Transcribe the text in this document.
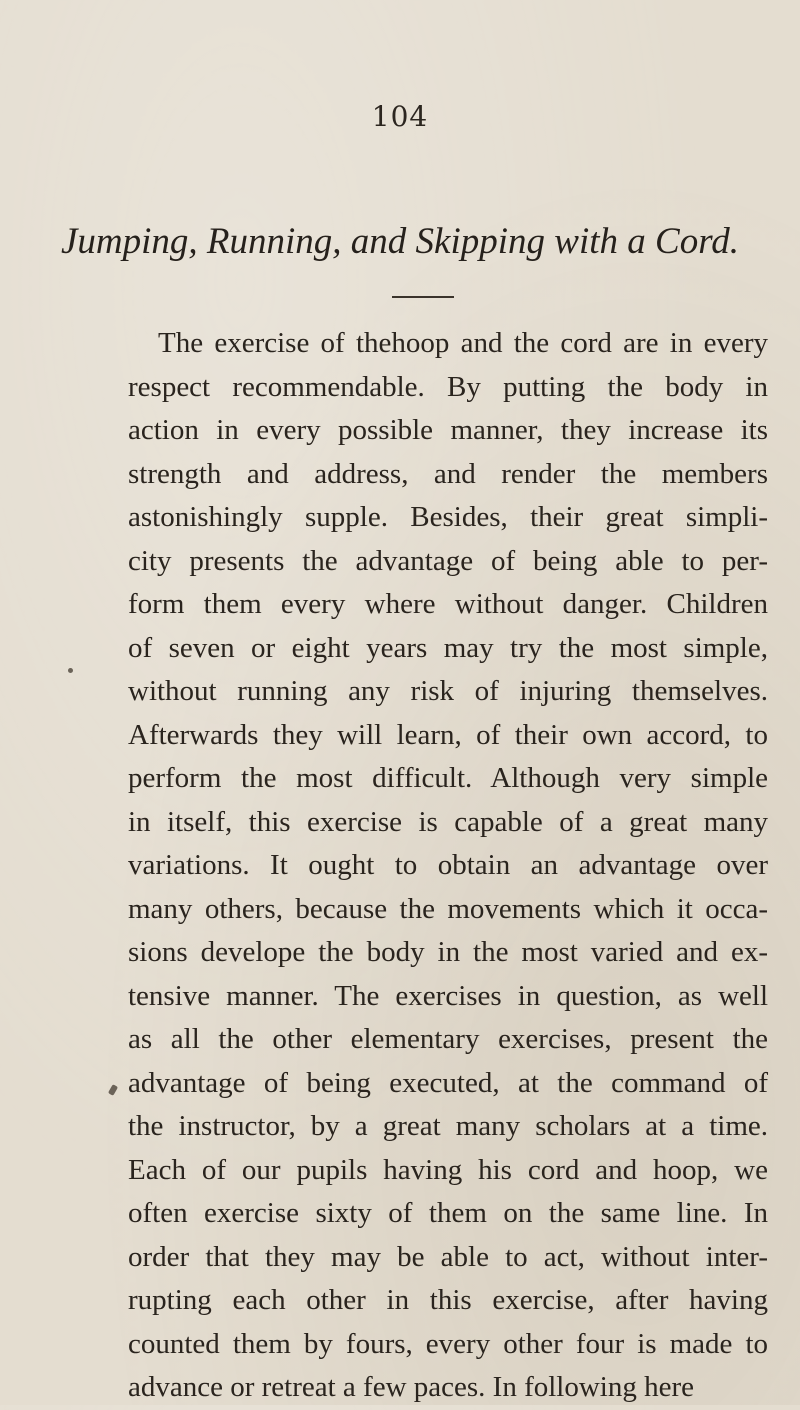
104
Jumping, Running, and Skipping with a Cord.

The exercise of thehoop and the cord are in every
respect recommendable. By putting the body in
action in every possible manner, they increase its
strength and address, and render the members
astonishingly supple. Besides, their great simpli-
city presents the advantage of being able to per-
form them every where without danger. Children
of seven or eight years may try the most simple,
without running any risk of injuring themselves.
Afterwards they will learn, of their own accord, to
perform the most difficult. Although very simple
in itself, this exercise is capable of a great many
variations. It ought to obtain an advantage over
many others, because the movements which it occa-
sions develope the body in the most varied and ex-
tensive manner. The exercises in question, as well
as all the other elementary exercises, present the
advantage of being executed, at the command of
the instructor, by a great many scholars at a time.
Each of our pupils having his cord and hoop, we
often exercise sixty of them on the same line. In
order that they may be able to act, without inter-
rupting each other in this exercise, after having
counted them by fours, every other four is made to
advance or retreat a few paces. In following here
